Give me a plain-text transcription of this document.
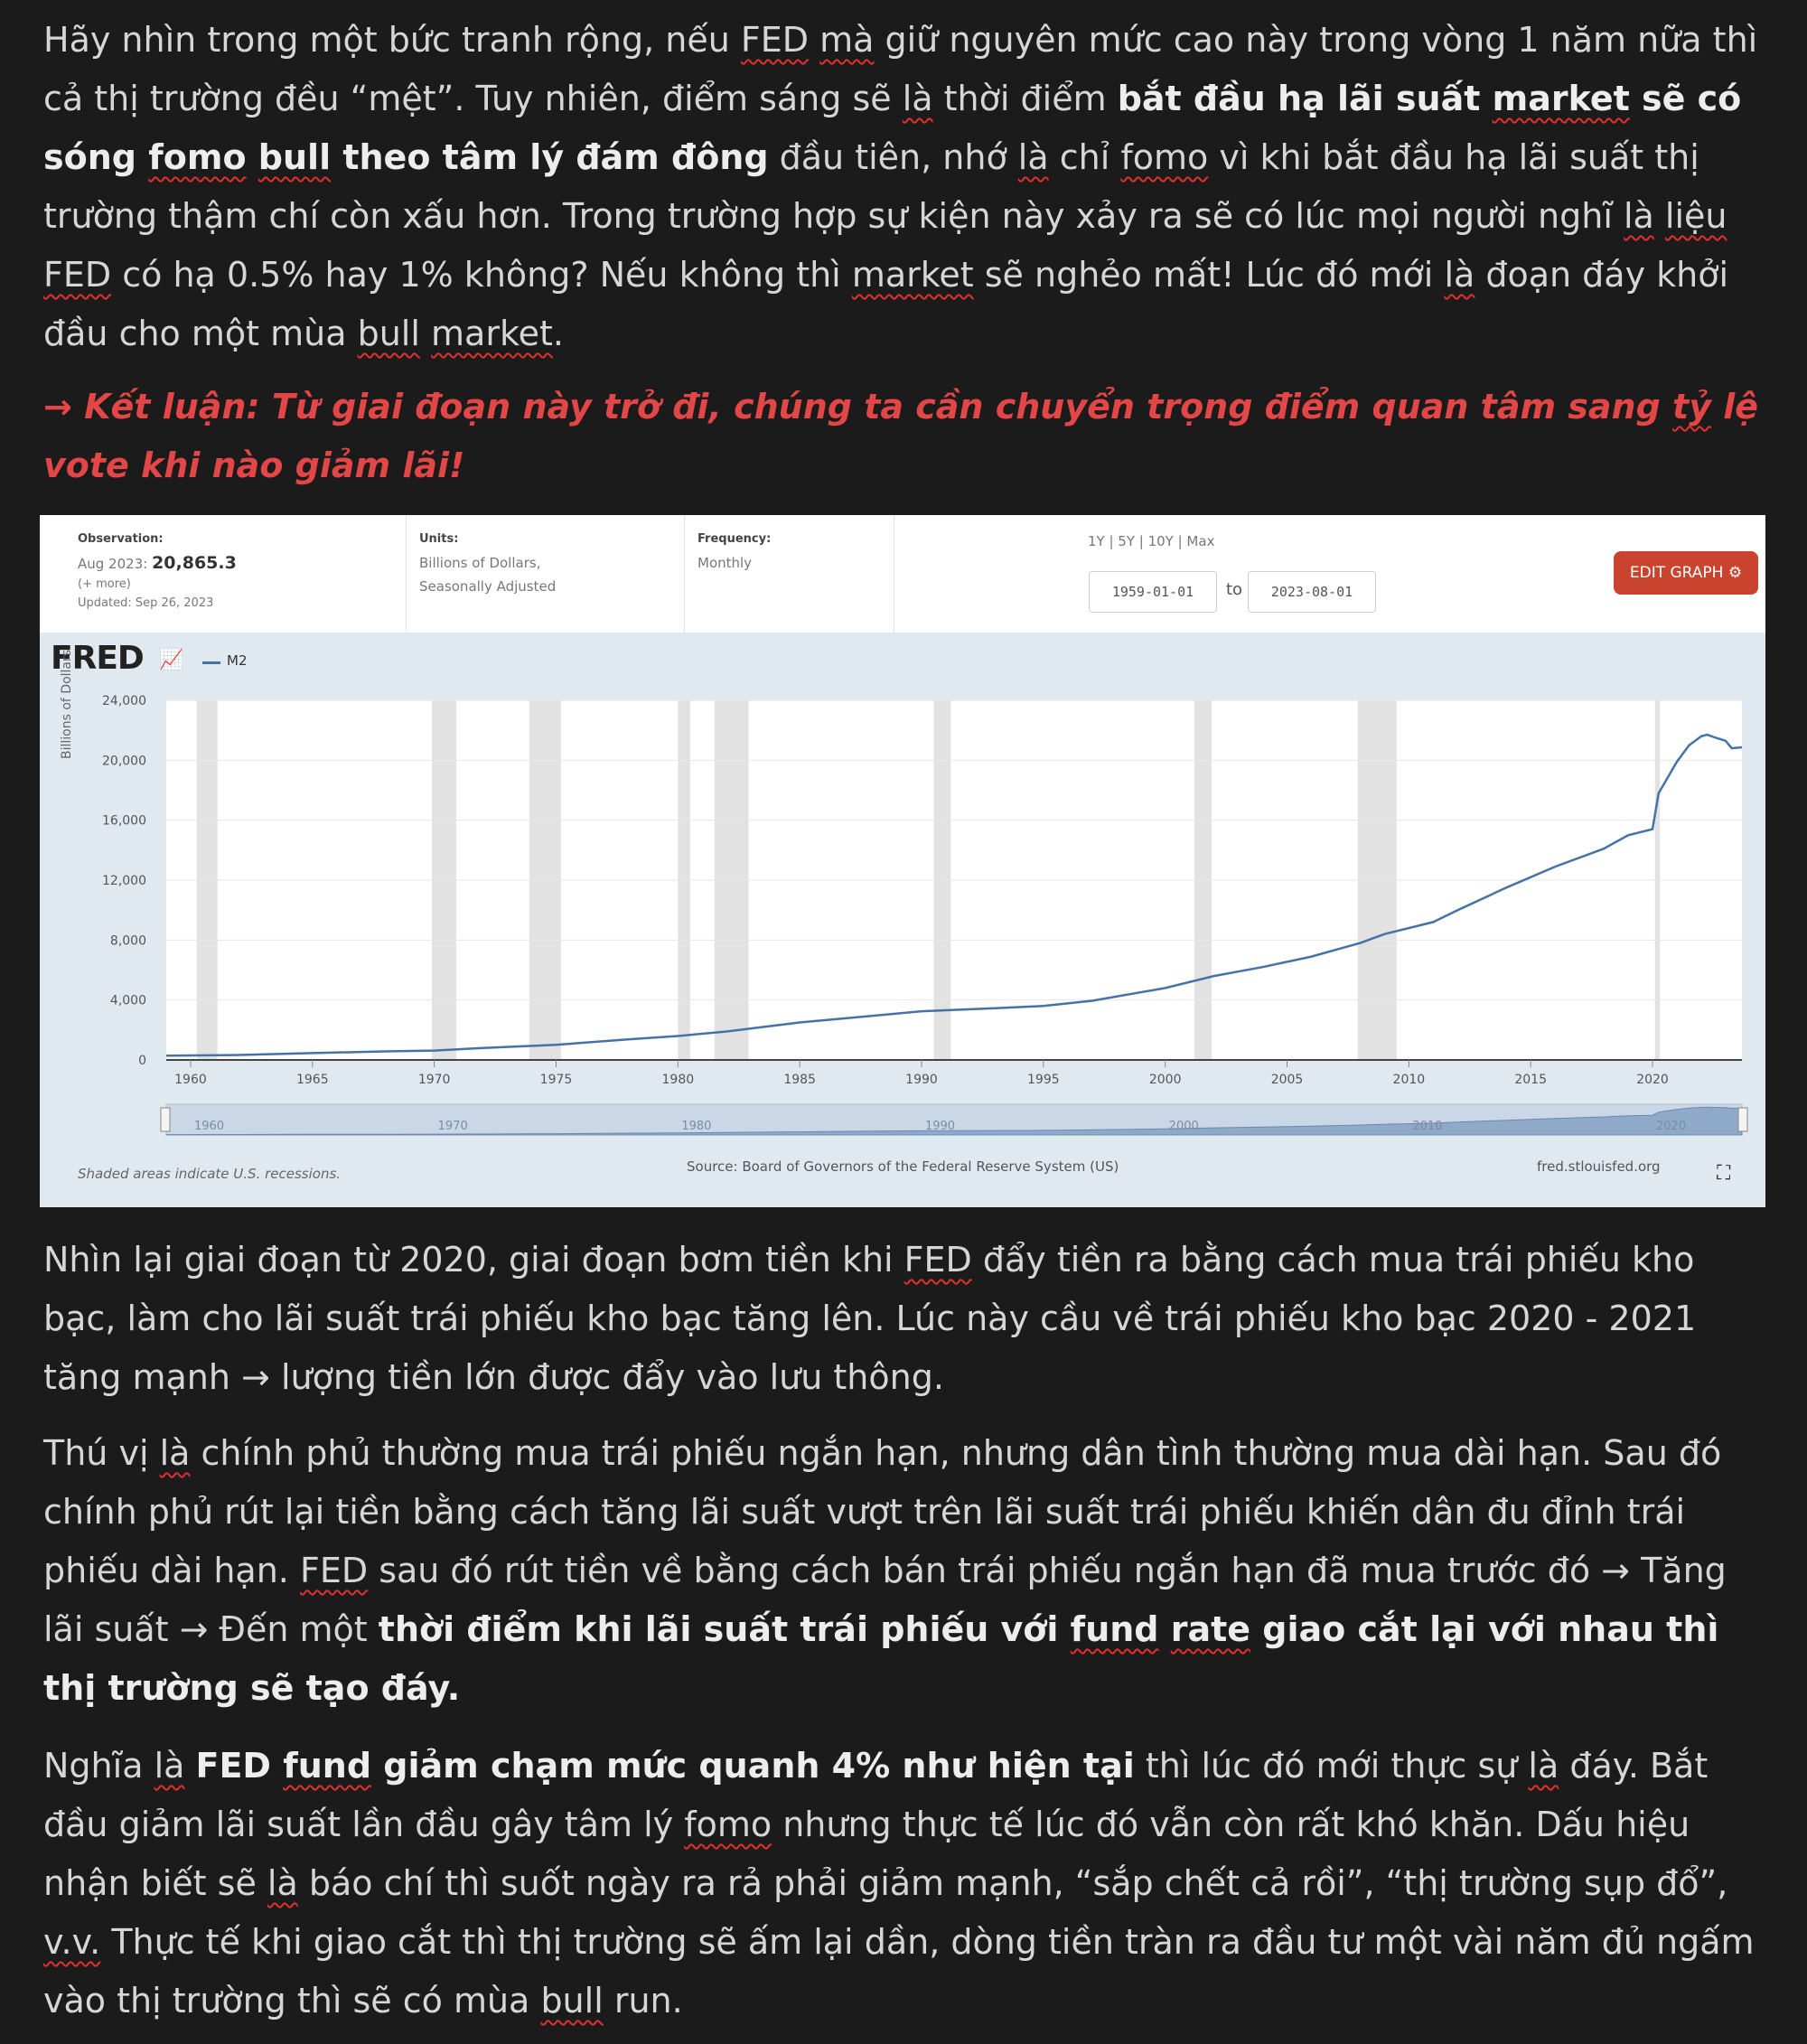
Hãy nhìn trong một bức tranh rộng, nếu FED mà giữ nguyên mức cao này trong vòng 1 năm nữa thì cả thị trường đều “mệt”. Tuy nhiên, điểm sáng sẽ là thời điểm bắt đầu hạ lãi suất market sẽ có sóng fomo bull theo tâm lý đám đông đầu tiên, nhớ là chỉ fomo vì khi bắt đầu hạ lãi suất thị trường thậm chí còn xấu hơn. Trong trường hợp sự kiện này xảy ra sẽ có lúc mọi người nghĩ là liệu FED có hạ 0.5% hay 1% không? Nếu không thì market sẽ nghẻo mất! Lúc đó mới là đoạn đáy khởi đầu cho một mùa bull market.

→ Kết luận: Từ giai đoạn này trở đi, chúng ta cần chuyển trọng điểm quan tâm sang tỷ lệ vote khi nào giảm lãi!

Observation:
Aug 2023: 20,865.3
(+ more)
Updated: Sep 26, 2023
Units:
Billions of Dollars,
Seasonally Adjusted
Frequency:
Monthly
1Y | 5Y | 10Y | Max
1959-01-01	to	2023-08-01
EDIT GRAPH ⚙
FRED 📈	M2
0
4,000
8,000
12,000
16,000
20,000
24,000
1960	1965	1970	1975	1980	1985	1990	1995	2000	2005	2010	2015	2020
1960	1970	1980	1990	2000	2010	2020
Billions of Dollars
Shaded areas indicate U.S. recessions.	Source: Board of Governors of the Federal Reserve System (US)	fred.stlouisfed.org	⛶

Nhìn lại giai đoạn từ 2020, giai đoạn bơm tiền khi FED đẩy tiền ra bằng cách mua trái phiếu kho bạc, làm cho lãi suất trái phiếu kho bạc tăng lên. Lúc này cầu về trái phiếu kho bạc 2020 - 2021 tăng mạnh → lượng tiền lớn được đẩy vào lưu thông.

Thú vị là chính phủ thường mua trái phiếu ngắn hạn, nhưng dân tình thường mua dài hạn. Sau đó chính phủ rút lại tiền bằng cách tăng lãi suất vượt trên lãi suất trái phiếu khiến dân đu đỉnh trái phiếu dài hạn. FED sau đó rút tiền về bằng cách bán trái phiếu ngắn hạn đã mua trước đó → Tăng lãi suất → Đến một thời điểm khi lãi suất trái phiếu với fund rate giao cắt lại với nhau thì thị trường sẽ tạo đáy.

Nghĩa là FED fund giảm chạm mức quanh 4% như hiện tại thì lúc đó mới thực sự là đáy. Bắt đầu giảm lãi suất lần đầu gây tâm lý fomo nhưng thực tế lúc đó vẫn còn rất khó khăn. Dấu hiệu nhận biết sẽ là báo chí thì suốt ngày ra rả phải giảm mạnh, “sắp chết cả rồi”, “thị trường sụp đổ”, v.v. Thực tế khi giao cắt thì thị trường sẽ ấm lại dần, dòng tiền tràn ra đầu tư một vài năm đủ ngấm vào thị trường thì sẽ có mùa bull run.
